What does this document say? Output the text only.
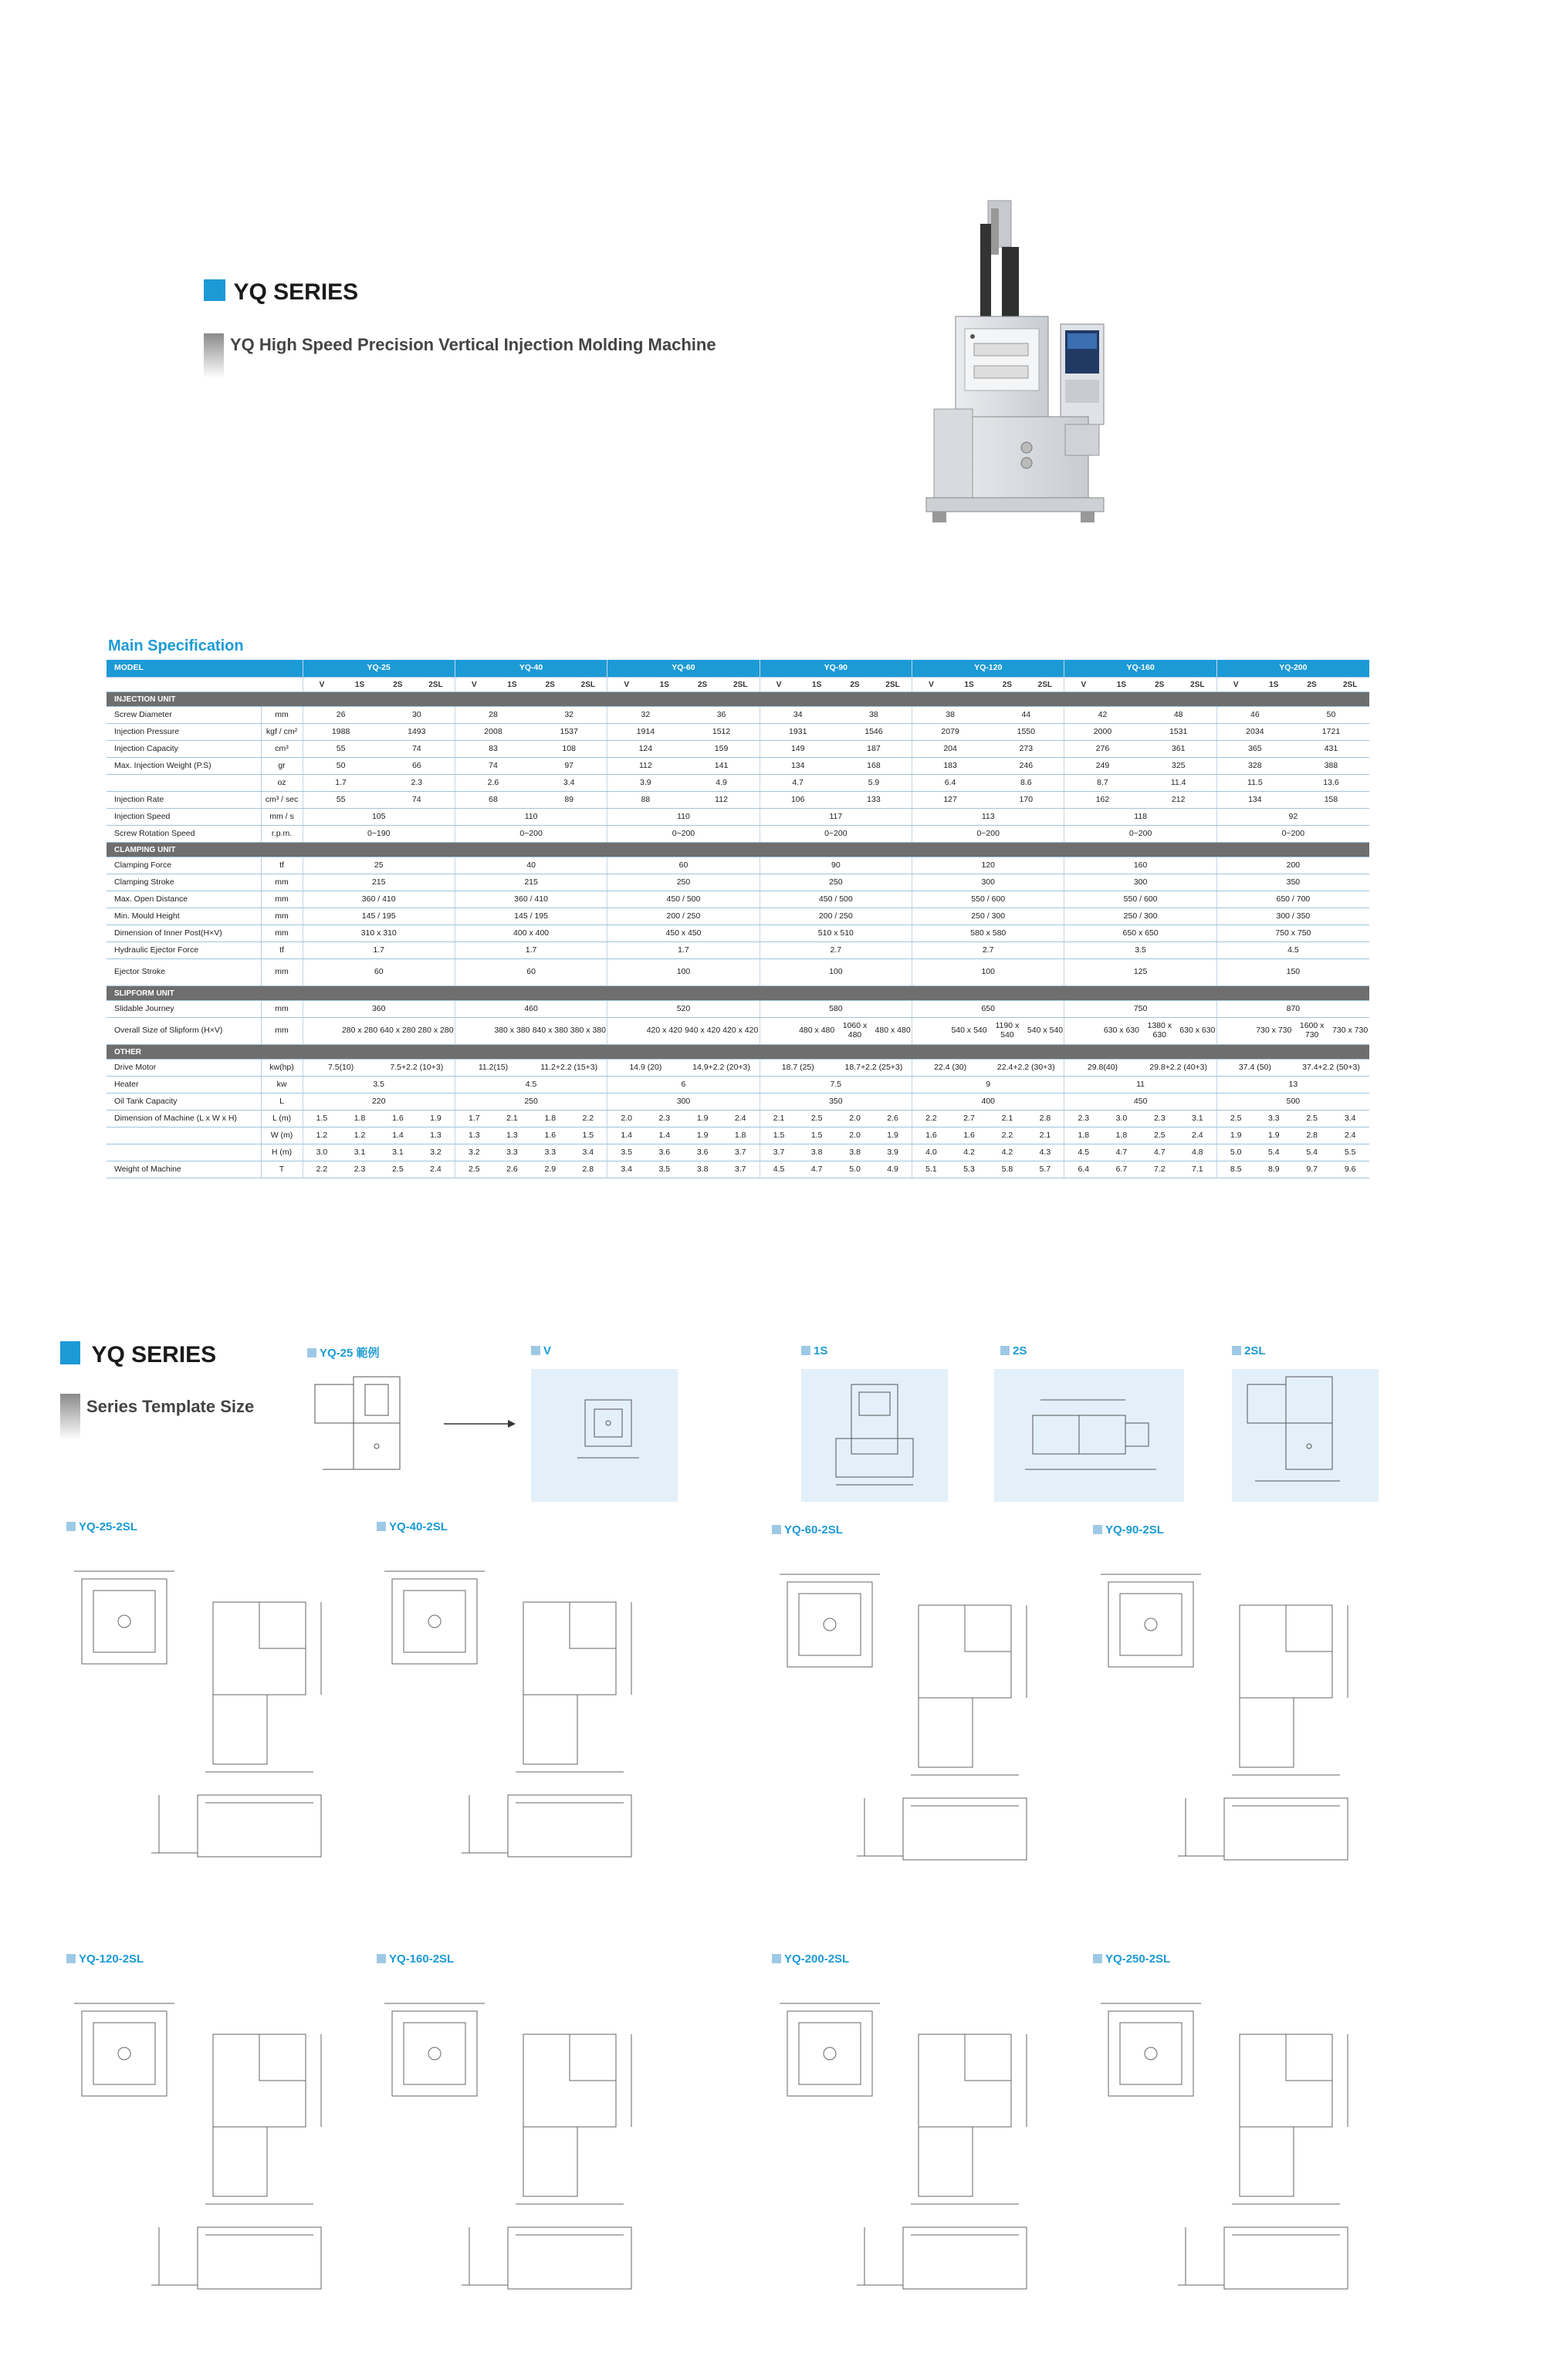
YQ SERIES
YQ High Speed Precision Vertical Injection Molding Machine
Main Specification
MODEL		YQ-25				YQ-40				YQ-60				YQ-90				YQ-120				YQ-160				YQ-200			
		V	1S	2S	2SL	V	1S	2S	2SL	V	1S	2S	2SL	V	1S	2S	2SL	V	1S	2S	2SL	V	1S	2S	2SL	V	1S	2S	2SL
INJECTION UNIT																													
Screw Diameter	mm	26		30		28		32		32		36		34		38		38		44		42		48		46		50	
Injection Pressure	kgf / cm²	1988		1493		2008		1537		1914		1512		1931		1546		2079		1550		2000		1531		2034		1721	
Injection Capacity	cm³	55		74		83		108		124		159		149		187		204		273		276		361		365		431	
Max. Injection Weight (P.S)	gr	50		66		74		97		112		141		134		168		183		246		249		325		328		388	
	oz	1.7		2.3		2.6		3.4		3.9		4.9		4.7		5.9		6.4		8.6		8.7		11.4		11.5		13.6	
Injection Rate	cm³ / sec	55		74		68		89		88		112		106		133		127		170		162		212		134		158	
Injection Speed	mm / s	105				110				110				117				113				118				92			
Screw Rotation Speed	r.p.m.	0~190				0~200				0~200				0~200				0~200				0~200				0~200			
CLAMPING UNIT																													
Clamping Force	tf	25				40				60				90				120				160				200			
Clamping Stroke	mm	215				215				250				250				300				300				350			
Max. Open Distance	mm	360 / 410				360 / 410				450 / 500				450 / 500				550 / 600				550 / 600				650 / 700			
Min. Mould Height	mm	145 / 195				145 / 195				200 / 250				200 / 250				250 / 300				250 / 300				300 / 350			
Dimension of Inner Post(H×V)	mm	310 x 310				400 x 400				450 x 450				510 x 510				580 x 580				650 x 650				750 x 750			
Hydraulic Ejector Force	tf	1.7				1.7				1.7				2.7				2.7				3.5				4.5			
Ejector Stroke	mm	60				60				100				100				100				125				150			
SLIPFORM UNIT																													
Slidable Journey	mm	360				460				520				580				650				750				870			
Overall Size of Slipform (H×V)	mm		280 x 280	640 x 280	280 x 280		380 x 380	840 x 380	380 x 380		420 x 420	940 x 420	420 x 420		480 x 480	1060 x 480	480 x 480		540 x 540	1190 x 540	540 x 540		630 x 630	1380 x 630	630 x 630		730 x 730	1600 x 730	730 x 730
OTHER																													
Drive Motor	kw(hp)	7.5(10)		7.5+2.2 (10+3)		11.2(15)		11.2+2.2 (15+3)		14.9 (20)		14.9+2.2 (20+3)		18.7 (25)		18.7+2.2 (25+3)		22.4 (30)		22.4+2.2 (30+3)		29.8(40)		29.8+2.2 (40+3)		37.4 (50)		37.4+2.2 (50+3)	
Heater	kw	3.5				4.5				6				7.5				9				11				13			
Oil Tank Capacity	L	220				250				300				350				400				450				500			
Dimension of Machine (L x W x H)	L (m)	1.5	1.8	1.6	1.9	1.7	2.1	1.8	2.2	2.0	2.3	1.9	2.4	2.1	2.5	2.0	2.6	2.2	2.7	2.1	2.8	2.3	3.0	2.3	3.1	2.5	3.3	2.5	3.4
	W (m)	1.2	1.2	1.4	1.3	1.3	1.3	1.6	1.5	1.4	1.4	1.9	1.8	1.5	1.5	2.0	1.9	1.6	1.6	2.2	2.1	1.8	1.8	2.5	2.4	1.9	1.9	2.8	2.4
	H (m)	3.0	3.1	3.1	3.2	3.2	3.3	3.3	3.4	3.5	3.6	3.6	3.7	3.7	3.8	3.8	3.9	4.0	4.2	4.2	4.3	4.5	4.7	4.7	4.8	5.0	5.4	5.4	5.5
Weight of Machine	T	2.2	2.3	2.5	2.4	2.5	2.6	2.9	2.8	3.4	3.5	3.8	3.7	4.5	4.7	5.0	4.9	5.1	5.3	5.8	5.7	6.4	6.7	7.2	7.1	8.5	8.9	9.7	9.6
YQ SERIES
Series Template Size
YQ-25 範例	V	1S	2S	2SL
YQ-25-2SL	YQ-40-2SL	YQ-60-2SL	YQ-90-2SL
YQ-120-2SL	YQ-160-2SL	YQ-200-2SL	YQ-250-2SL
